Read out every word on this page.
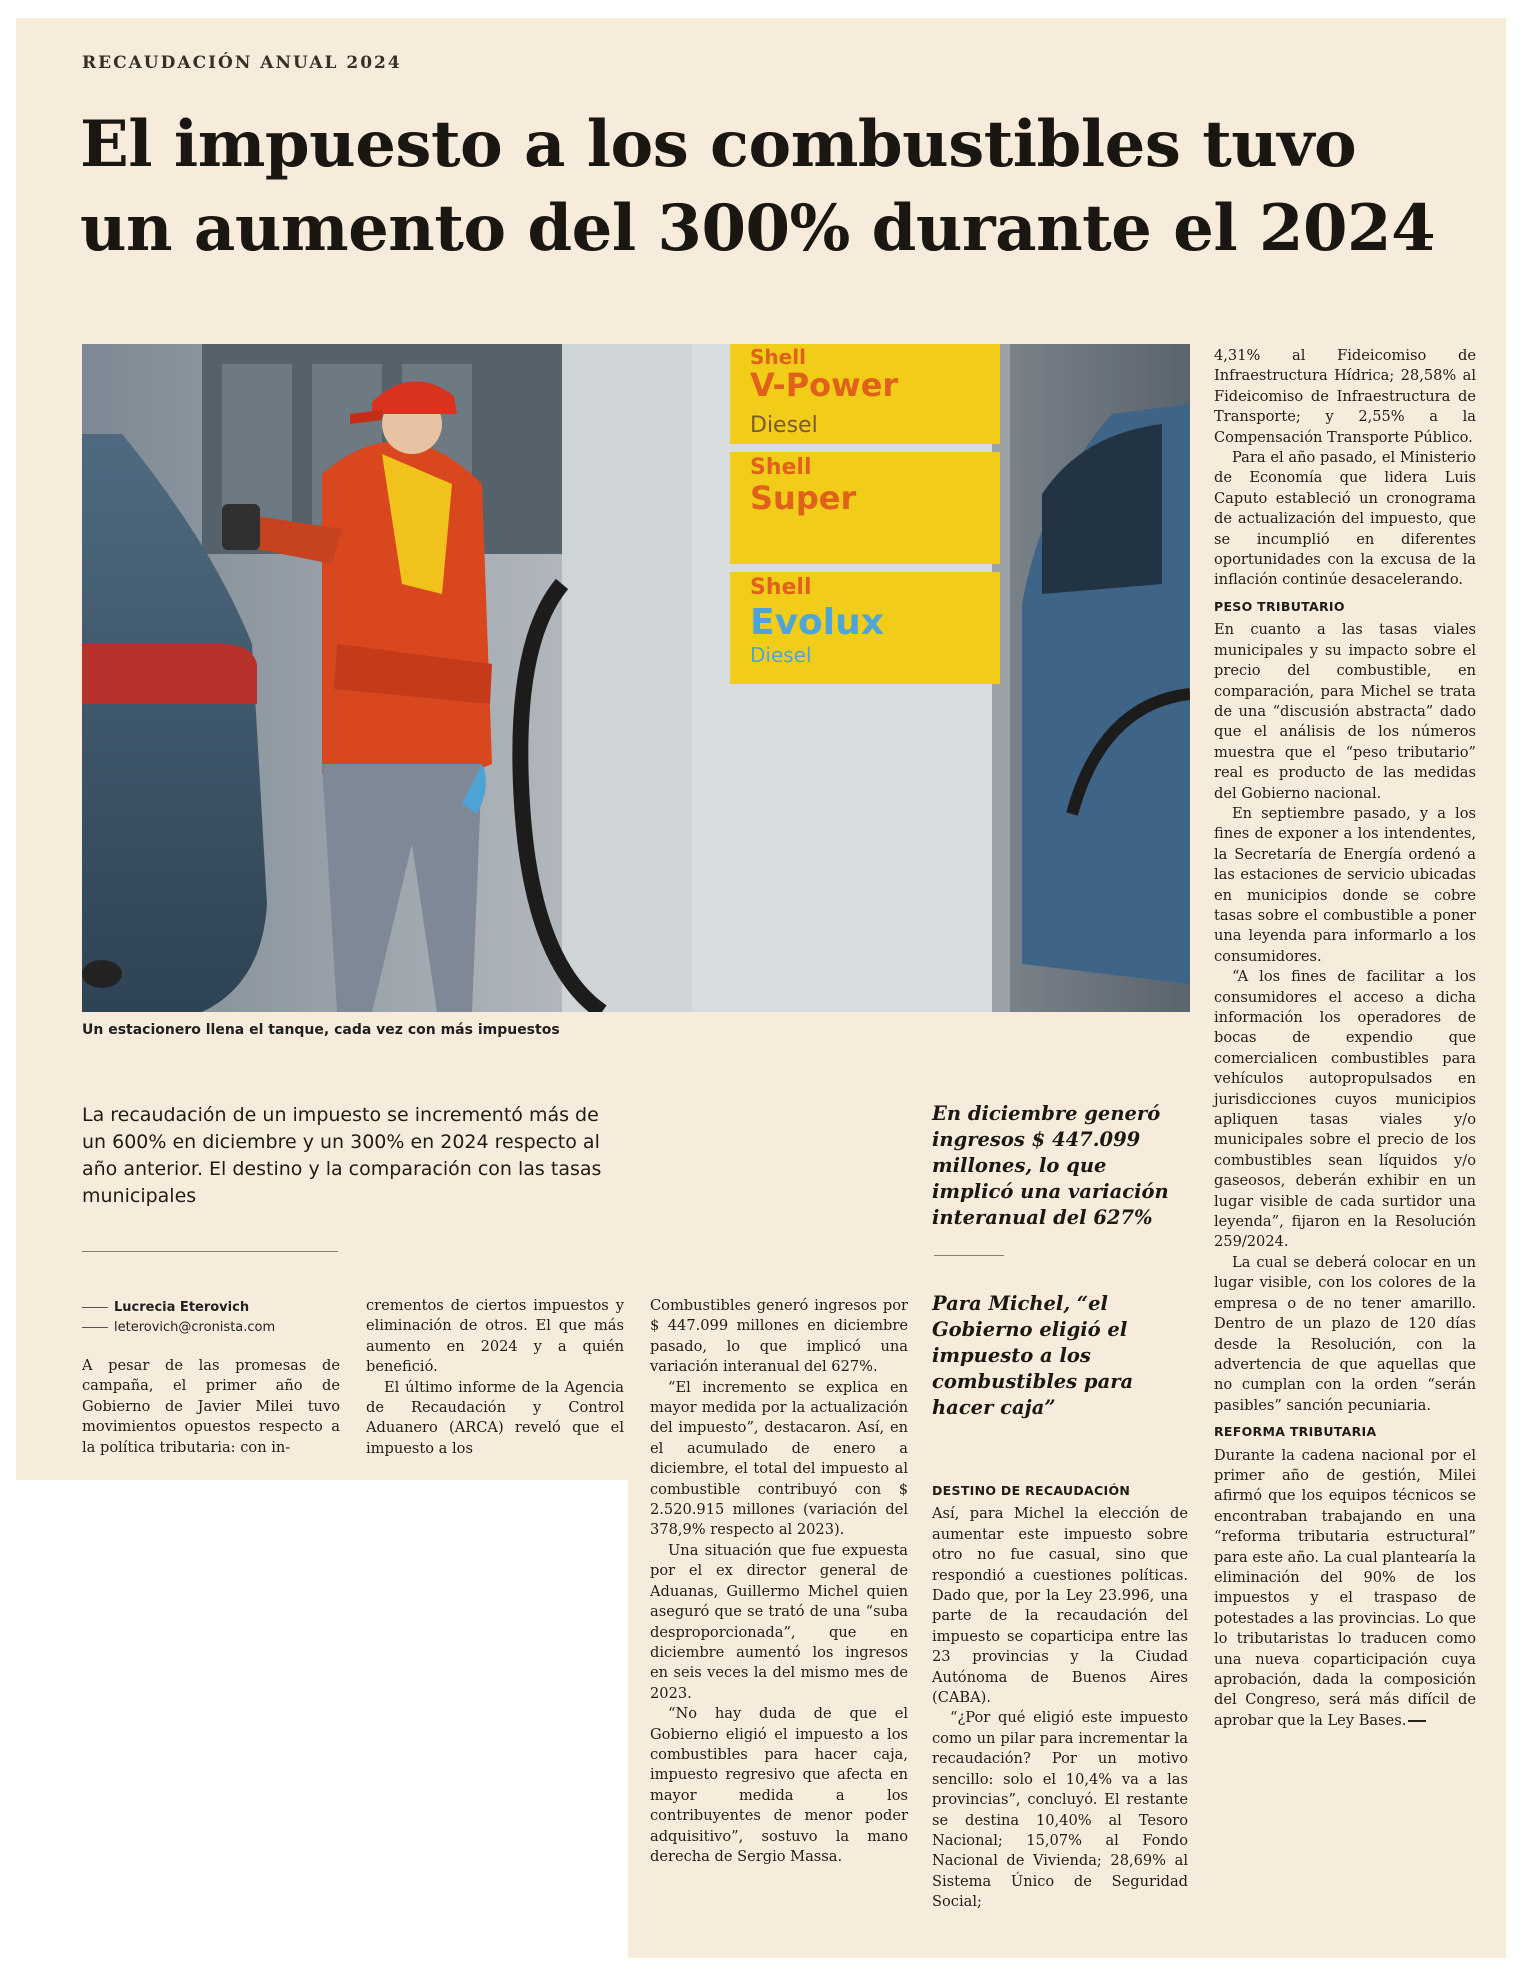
RECAUDACIÓN ANUAL 2024
El impuesto a los combustibles tuvo
un aumento del 300% durante el 2024
Shell
V-Power
Diesel
Shell
Super
Shell
Evolux
Diesel
Un estacionero llena el tanque, cada vez con más impuestos
La recaudación de un impuesto se incrementó más de un 600% en diciembre y un 300% en 2024 respecto al año anterior. El destino y la comparación con las tasas municipales
Lucrecia Eterovich
leterovich@cronista.com

A pesar de las promesas de campaña, el primer año de Gobierno de Javier Milei tuvo movimientos opuestos respecto a la política tributaria: con in-

crementos de ciertos impuestos y eliminación de otros. El que más aumento en 2024 y a quién benefició.

El último informe de la Agencia de Recaudación y Control Aduanero (ARCA) reveló que el impuesto a los

Combustibles generó ingresos por $ 447.099 millones en diciembre pasado, lo que implicó una variación interanual del 627%.

“El incremento se explica en mayor medida por la actualización del impuesto”, destacaron. Así, en el acumulado de enero a diciembre, el total del impuesto al combustible contribuyó con $ 2.520.915 millones (variación del 378,9% respecto al 2023).

Una situación que fue expuesta por el ex director general de Aduanas, Guillermo Michel quien aseguró que se trató de una “suba desproporcionada”, que en diciembre aumentó los ingresos en seis veces la del mismo mes de 2023.

“No hay duda de que el Gobierno eligió el impuesto a los combustibles para hacer caja, impuesto regresivo que afecta en mayor medida a los contribuyentes de menor poder adquisitivo”, sostuvo la mano derecha de Sergio Massa.

En diciembre generó ingresos $ 447.099 millones, lo que implicó una variación interanual del 627%
Para Michel, “el Gobierno eligió el impuesto a los combustibles para hacer caja”
DESTINO DE RECAUDACIÓN

Así, para Michel la elección de aumentar este impuesto sobre otro no fue casual, sino que respondió a cuestiones políticas. Dado que, por la Ley 23.996, una parte de la recaudación del impuesto se coparticipa entre las 23 provincias y la Ciudad Autónoma de Buenos Aires (CABA).

“¿Por qué eligió este impuesto como un pilar para incrementar la recaudación? Por un motivo sencillo: solo el 10,4% va a las provincias”, concluyó. El restante se destina 10,40% al Tesoro Nacional; 15,07% al Fondo Nacional de Vivienda; 28,69% al Sistema Único de Seguridad Social;

4,31% al Fideicomiso de Infraestructura Hídrica; 28,58% al Fideicomiso de Infraestructura de Transporte; y 2,55% a la Compensación Transporte Público.

Para el año pasado, el Ministerio de Economía que lidera Luis Caputo estableció un cronograma de actualización del impuesto, que se incumplió en diferentes oportunidades con la excusa de la inflación continúe desacelerando.

PESO TRIBUTARIO

En cuanto a las tasas viales municipales y su impacto sobre el precio del combustible, en comparación, para Michel se trata de una “discusión abstracta” dado que el análisis de los números muestra que el “peso tributario” real es producto de las medidas del Gobierno nacional.

En septiembre pasado, y a los fines de exponer a los intendentes, la Secretaría de Energía ordenó a las estaciones de servicio ubicadas en municipios donde se cobre tasas sobre el combustible a poner una leyenda para informarlo a los consumidores.

“A los fines de facilitar a los consumidores el acceso a dicha información los operadores de bocas de expendio que comercialicen combustibles para vehículos autopropulsados en jurisdicciones cuyos municipios apliquen tasas viales y/o municipales sobre el precio de los combustibles sean líquidos y/o gaseosos, deberán exhibir en un lugar visible de cada surtidor una leyenda”, fijaron en la Resolución 259/2024.

La cual se deberá colocar en un lugar visible, con los colores de la empresa o de no tener amarillo. Dentro de un plazo de 120 días desde la Resolución, con la advertencia de que aquellas que no cumplan con la orden “serán pasibles” sanción pecuniaria.

REFORMA TRIBUTARIA

Durante la cadena nacional por el primer año de gestión, Milei afirmó que los equipos técnicos se encontraban trabajando en una “reforma tributaria estructural” para este año. La cual plantearía la eliminación del 90% de los impuestos y el traspaso de potestades a las provincias. Lo que lo tributaristas lo traducen como una nueva coparticipación cuya aprobación, dada la composición del Congreso, será más difícil de aprobar que la Ley Bases.
